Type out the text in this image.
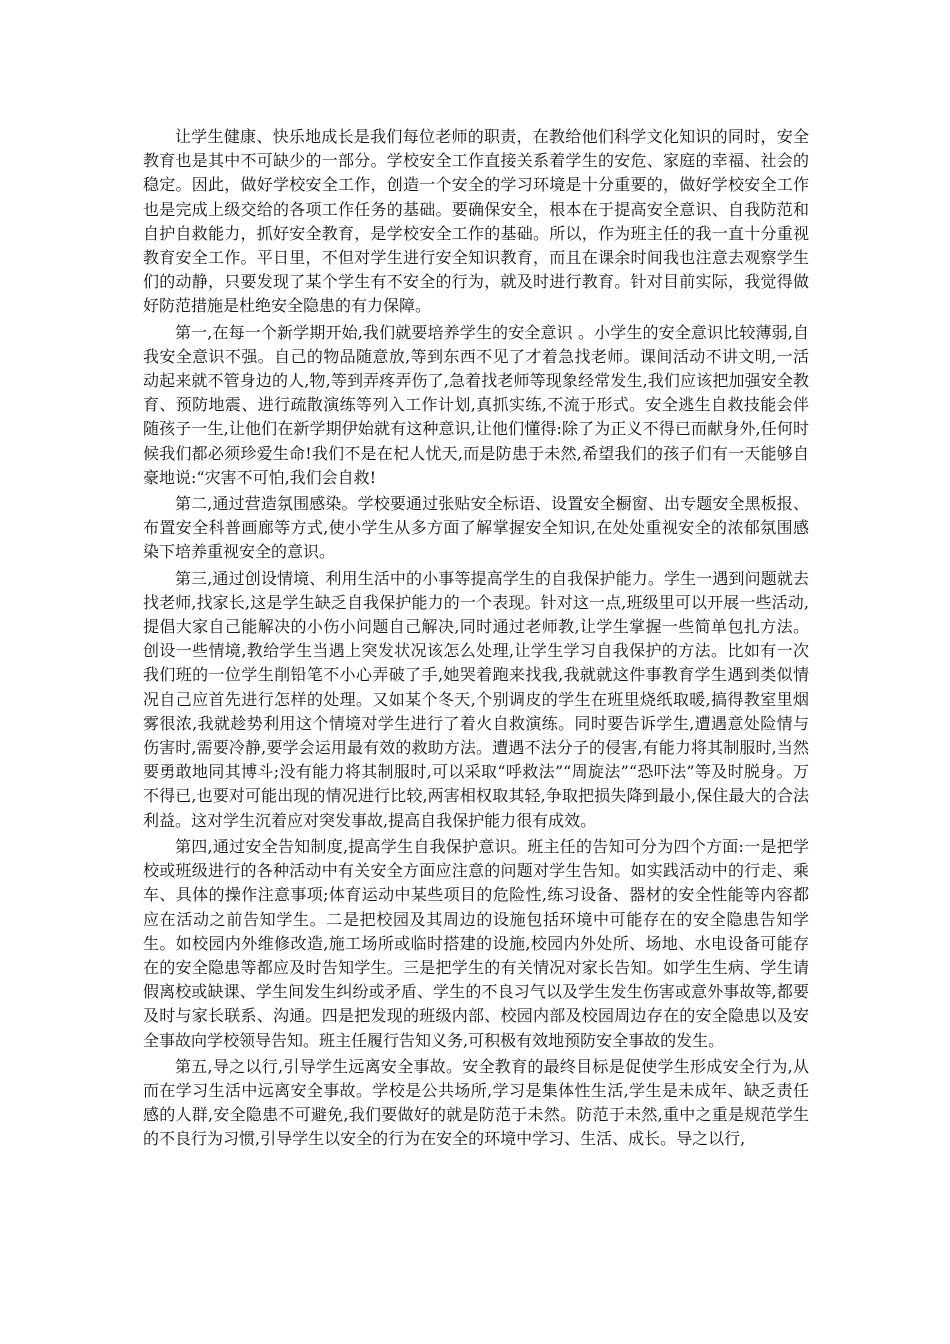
让学生健康、快乐地成长是我们每位老师的职责，在教给他们科学文化知识的同时，安全教育也是其中不可缺少的一部分。学校安全工作直接关系着学生的安危、家庭的幸福、社会的稳定。因此，做好学校安全工作，创造一个安全的学习环境是十分重要的，做好学校安全工作也是完成上级交给的各项工作任务的基础。要确保安全，根本在于提高安全意识、自我防范和自护自救能力，抓好安全教育，是学校安全工作的基础。所以，作为班主任的我一直十分重视教育安全工作。平日里，不但对学生进行安全知识教育，而且在课余时间我也注意去观察学生们的动静，只要发现了某个学生有不安全的行为，就及时进行教育。针对目前实际，我觉得做好防范措施是杜绝安全隐患的有力保障。

第一,在每一个新学期开始,我们就要培养学生的安全意识 。小学生的安全意识比较薄弱,自我安全意识不强。自己的物品随意放,等到东西不见了才着急找老师。课间活动不讲文明,一活动起来就不管身边的人,物,等到弄疼弄伤了,急着找老师等现象经常发生,我们应该把加强安全教育、预防地震、进行疏散演练等列入工作计划,真抓实练,不流于形式。安全逃生自救技能会伴随孩子一生,让他们在新学期伊始就有这种意识,让他们懂得:除了为正义不得已而献身外,任何时候我们都必须珍爱生命!我们不是在杞人忧天,而是防患于未然,希望我们的孩子们有一天能够自豪地说:“灾害不可怕,我们会自救!

第二,通过营造氛围感染。学校要通过张贴安全标语、设置安全橱窗、出专题安全黑板报、布置安全科普画廊等方式,使小学生从多方面了解掌握安全知识,在处处重视安全的浓郁氛围感染下培养重视安全的意识。

第三,通过创设情境、利用生活中的小事等提高学生的自我保护能力。学生一遇到问题就去找老师,找家长,这是学生缺乏自我保护能力的一个表现。针对这一点,班级里可以开展一些活动,提倡大家自己能解决的小伤小问题自己解决,同时通过老师教,让学生掌握一些简单包扎方法。创设一些情境,教给学生当遇上突发状况该怎么处理,让学生学习自我保护的方法。比如有一次我们班的一位学生削铅笔不小心弄破了手,她哭着跑来找我,我就就这件事教育学生遇到类似情况自己应首先进行怎样的处理。又如某个冬天,个别调皮的学生在班里烧纸取暖,搞得教室里烟雾很浓,我就趁势利用这个情境对学生进行了着火自救演练。同时要告诉学生,遭遇意处险情与伤害时,需要冷静,要学会运用最有效的救助方法。遭遇不法分子的侵害,有能力将其制服时,当然要勇敢地同其博斗;没有能力将其制服时,可以采取“呼救法”“周旋法”“恐吓法”等及时脱身。万不得已,也要对可能出现的情况进行比较,两害相权取其轻,争取把损失降到最小,保住最大的合法利益。这对学生沉着应对突发事故,提高自我保护能力很有成效。

第四,通过安全告知制度,提高学生自我保护意识。班主任的告知可分为四个方面:一是把学校或班级进行的各种活动中有关安全方面应注意的问题对学生告知。如实践活动中的行走、乘车、具体的操作注意事项;体育运动中某些项目的危险性,练习设备、器材的安全性能等内容都应在活动之前告知学生。二是把校园及其周边的设施包括环境中可能存在的安全隐患告知学生。如校园内外维修改造,施工场所或临时搭建的设施,校园内外处所、场地、水电设备可能存在的安全隐患等都应及时告知学生。三是把学生的有关情况对家长告知。如学生生病、学生请假离校或缺课、学生间发生纠纷或矛盾、学生的不良习气以及学生发生伤害或意外事故等,都要及时与家长联系、沟通。四是把发现的班级内部、校园内部及校园周边存在的安全隐患以及安全事故向学校领导告知。班主任履行告知义务,可积极有效地预防安全事故的发生。

第五,导之以行,引导学生远离安全事故。安全教育的最终目标是促使学生形成安全行为,从而在学习生活中远离安全事故。学校是公共场所,学习是集体性生活,学生是未成年、缺乏责任感的人群,安全隐患不可避免,我们要做好的就是防范于未然。防范于未然,重中之重是规范学生的不良行为习惯,引导学生以安全的行为在安全的环境中学习、生活、成长。导之以行,
